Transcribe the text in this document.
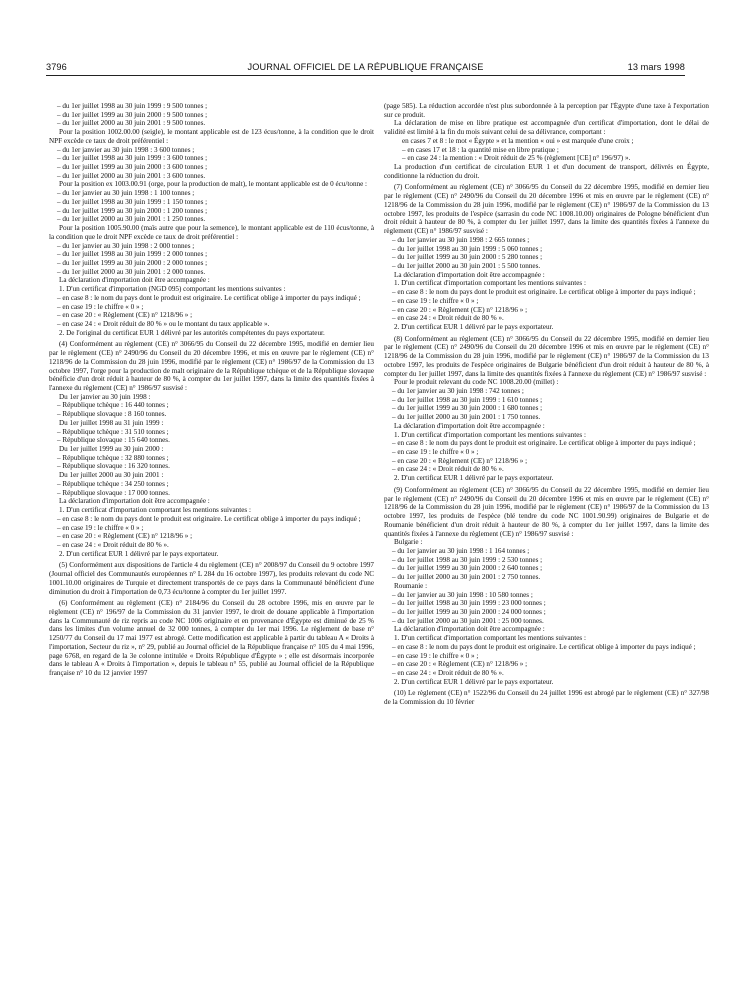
3796	JOURNAL OFFICIEL DE LA RÉPUBLIQUE FRANÇAISE	13 mars 1998

– du 1er juillet 1998 au 30 juin 1999 : 9 500 tonnes ;

– du 1er juillet 1999 au 30 juin 2000 : 9 500 tonnes ;

– du 1er juillet 2000 au 30 juin 2001 : 9 500 tonnes.

Pour la position 1002.00.00 (seigle), le montant applicable est de 123 écus/tonne, à la condition que le droit NPF excède ce taux de droit préférentiel :

– du 1er janvier au 30 juin 1998 : 3 600 tonnes ;

– du 1er juillet 1998 au 30 juin 1999 : 3 600 tonnes ;

– du 1er juillet 1999 au 30 juin 2000 : 3 600 tonnes ;

– du 1er juillet 2000 au 30 juin 2001 : 3 600 tonnes.

Pour la position ex 1003.00.91 (orge, pour la production de malt), le montant applicable est de 0 écu/tonne :

– du 1er janvier au 30 juin 1998 : 1 100 tonnes ;

– du 1er juillet 1998 au 30 juin 1999 : 1 150 tonnes ;

– du 1er juillet 1999 au 30 juin 2000 : 1 200 tonnes ;

– du 1er juillet 2000 au 30 juin 2001 : 1 250 tonnes.

Pour la position 1005.90.00 (maïs autre que pour la semence), le montant applicable est de 110 écus/tonne, à la condition que le droit NPF excède ce taux de droit préférentiel :

– du 1er janvier au 30 juin 1998 : 2 000 tonnes ;

– du 1er juillet 1998 au 30 juin 1999 : 2 000 tonnes ;

– du 1er juillet 1999 au 30 juin 2000 : 2 000 tonnes ;

– du 1er juillet 2000 au 30 juin 2001 : 2 000 tonnes.

La déclaration d'importation doit être accompagnée :

1. D'un certificat d'importation (NGD 095) comportant les mentions suivantes :

– en case 8 : le nom du pays dont le produit est originaire. Le certificat oblige à importer du pays indiqué ;

– en case 19 : le chiffre « 0 » ;

– en case 20 : « Règlement (CE) n° 1218/96 » ;

– en case 24 : « Droit réduit de 80 % » ou le montant du taux applicable ».

2. De l'original du certificat EUR 1 délivré par les autorités compétentes du pays exportateur.

(4) Conformément au règlement (CE) n° 3066/95 du Conseil du 22 décembre 1995, modifié en dernier lieu par le règlement (CE) n° 2490/96 du Conseil du 20 décembre 1996, et mis en œuvre par le règlement (CE) n° 1218/96 de la Commission du 28 juin 1996, modifié par le règlement (CE) n° 1986/97 de la Commission du 13 octobre 1997, l'orge pour la production de malt originaire de la République tchèque et de la République slovaque bénéficie d'un droit réduit à hauteur de 80 %, à compter du 1er juillet 1997, dans la limite des quantités fixées à l'annexe du règlement (CE) n° 1986/97 susvisé :

Du 1er janvier au 30 juin 1998 :

– République tchèque : 16 440 tonnes ;

– République slovaque : 8 160 tonnes.

Du 1er juillet 1998 au 31 juin 1999 :

– République tchèque : 31 510 tonnes ;

– République slovaque : 15 640 tonnes.

Du 1er juillet 1999 au 30 juin 2000 :

– République tchèque : 32 880 tonnes ;

– République slovaque : 16 320 tonnes.

Du 1er juillet 2000 au 30 juin 2001 :

– République tchèque : 34 250 tonnes ;

– République slovaque : 17 000 tonnes.

La déclaration d'importation doit être accompagnée :

1. D'un certificat d'importation comportant les mentions suivantes :

– en case 8 : le nom du pays dont le produit est originaire. Le certificat oblige à importer du pays indiqué ;

– en case 19 : le chiffre « 0 » ;

– en case 20 : « Règlement (CE) n° 1218/96 » ;

– en case 24 : « Droit réduit de 80 % ».

2. D'un certificat EUR 1 délivré par le pays exportateur.

(5) Conformément aux dispositions de l'article 4 du règlement (CE) n° 2008/97 du Conseil du 9 octobre 1997 (Journal officiel des Communautés européennes n° L 284 du 16 octobre 1997), les produits relevant du code NC 1001.10.00 originaires de Turquie et directement transportés de ce pays dans la Communauté bénéficient d'une diminution du droit à l'importation de 0,73 écu/tonne à compter du 1er juillet 1997.

(6) Conformément au règlement (CE) n° 2184/96 du Conseil du 28 octobre 1996, mis en œuvre par le règlement (CE) n° 196/97 de la Commission du 31 janvier 1997, le droit de douane applicable à l'importation dans la Communauté de riz repris au code NC 1006 originaire et en provenance d'Égypte est diminué de 25 % dans les limites d'un volume annuel de 32 000 tonnes, à compter du 1er mai 1996. Le règlement de base n° 1250/77 du Conseil du 17 mai 1977 est abrogé. Cette modification est applicable à partir du tableau A « Droits à l'importation, Secteur du riz », n° 29, publié au Journal officiel de la République française n° 105 du 4 mai 1996, page 6768, en regard de la 3e colonne intitulée « Droits République d'Égypte » ; elle est désormais incorporée dans le tableau A « Droits à l'importation », depuis le tableau n° 55, publié au Journal officiel de la République française n° 10 du 12 janvier 1997

(page 585). La réduction accordée n'est plus subordonnée à la perception par l'Égypte d'une taxe à l'exportation sur ce produit.

La déclaration de mise en libre pratique est accompagnée d'un certificat d'importation, dont le délai de validité est limité à la fin du mois suivant celui de sa délivrance, comportant :

en cases 7 et 8 : le mot « Égypte » et la mention « oui » est marquée d'une croix ;

– en cases 17 et 18 : la quantité mise en libre pratique ;

– en case 24 : la mention : « Droit réduit de 25 % (règlement [CE] n° 196/97) ».

La production d'un certificat de circulation EUR 1 et d'un document de transport, délivrés en Égypte, conditionne la réduction du droit.

(7) Conformément au règlement (CE) n° 3066/95 du Conseil du 22 décembre 1995, modifié en dernier lieu par le règlement (CE) n° 2490/96 du Conseil du 20 décembre 1996 et mis en œuvre par le règlement (CE) n° 1218/96 de la Commission du 28 juin 1996, modifié par le règlement (CE) n° 1986/97 de la Commission du 13 octobre 1997, les produits de l'espèce (sarrasin du code NC 1008.10.00) originaires de Pologne bénéficient d'un droit réduit à hauteur de 80 %, à compter du 1er juillet 1997, dans la limite des quantités fixées à l'annexe du règlement (CE) n° 1986/97 susvisé :

– du 1er janvier au 30 juin 1998 : 2 665 tonnes ;

– du 1er juillet 1998 au 30 juin 1999 : 5 060 tonnes ;

– du 1er juillet 1999 au 30 juin 2000 : 5 280 tonnes ;

– du 1er juillet 2000 au 30 juin 2001 : 5 500 tonnes.

La déclaration d'importation doit être accompagnée :

1. D'un certificat d'importation comportant les mentions suivantes :

– en case 8 : le nom du pays dont le produit est originaire. Le certificat oblige à importer du pays indiqué ;

– en case 19 : le chiffre « 0 » ;

– en case 20 : « Règlement (CE) n° 1218/96 » ;

– en case 24 : « Droit réduit de 80 % ».

2. D'un certificat EUR 1 délivré par le pays exportateur.

(8) Conformément au règlement (CE) n° 3066/95 du Conseil du 22 décembre 1995, modifié en dernier lieu par le règlement (CE) n° 2490/96 du Conseil du 20 décembre 1996 et mis en œuvre par le règlement (CE) n° 1218/96 de la Commission du 28 juin 1996, modifié par le règlement (CE) n° 1986/97 de la Commission du 13 octobre 1997, les produits de l'espèce originaires de Bulgarie bénéficient d'un droit réduit à hauteur de 80 %, à compter du 1er juillet 1997, dans la limite des quantités fixées à l'annexe du règlement (CE) n° 1986/97 susvisé :

Pour le produit relevant du code NC 1008.20.00 (millet) :

– du 1er janvier au 30 juin 1998 : 742 tonnes ;

– du 1er juillet 1998 au 30 juin 1999 : 1 610 tonnes ;

– du 1er juillet 1999 au 30 juin 2000 : 1 680 tonnes ;

– du 1er juillet 2000 au 30 juin 2001 : 1 750 tonnes.

La déclaration d'importation doit être accompagnée :

1. D'un certificat d'importation comportant les mentions suivantes :

– en case 8 : le nom du pays dont le produit est originaire. Le certificat oblige à importer du pays indiqué ;

– en case 19 : le chiffre « 0 » ;

– en case 20 : « Règlement (CE) n° 1218/96 » ;

– en case 24 : « Droit réduit de 80 % ».

2. D'un certificat EUR 1 délivré par le pays exportateur.

(9) Conformément au règlement (CE) n° 3066/95 du Conseil du 22 décembre 1995, modifié en dernier lieu par le règlement (CE) n° 2490/96 du Conseil du 20 décembre 1996 et mis en œuvre par le règlement (CE) n° 1218/96 de la Commission du 28 juin 1996, modifié par le règlement (CE) n° 1986/97 de la Commission du 13 octobre 1997, les produits de l'espèce (blé tendre du code NC 1001.90.99) originaires de Bulgarie et de Roumanie bénéficient d'un droit réduit à hauteur de 80 %, à compter du 1er juillet 1997, dans la limite des quantités fixées à l'annexe du règlement (CE) n° 1986/97 susvisé :

Bulgarie :

– du 1er janvier au 30 juin 1998 : 1 164 tonnes ;

– du 1er juillet 1998 au 30 juin 1999 : 2 530 tonnes ;

– du 1er juillet 1999 au 30 juin 2000 : 2 640 tonnes ;

– du 1er juillet 2000 au 30 juin 2001 : 2 750 tonnes.

Roumanie :

– du 1er janvier au 30 juin 1998 : 10 580 tonnes ;

– du 1er juillet 1998 au 30 juin 1999 : 23 000 tonnes ;

– du 1er juillet 1999 au 30 juin 2000 : 24 000 tonnes ;

– du 1er juillet 2000 au 30 juin 2001 : 25 000 tonnes.

La déclaration d'importation doit être accompagnée :

1. D'un certificat d'importation comportant les mentions suivantes :

– en case 8 : le nom du pays dont le produit est originaire. Le certificat oblige à importer du pays indiqué ;

– en case 19 : le chiffre « 0 » ;

– en case 20 : « Règlement (CE) n° 1218/96 » ;

– en case 24 : « Droit réduit de 80 % ».

2. D'un certificat EUR 1 délivré par le pays exportateur.

(10) Le règlement (CE) n° 1522/96 du Conseil du 24 juillet 1996 est abrogé par le règlement (CE) n° 327/98 de la Commission du 10 février
